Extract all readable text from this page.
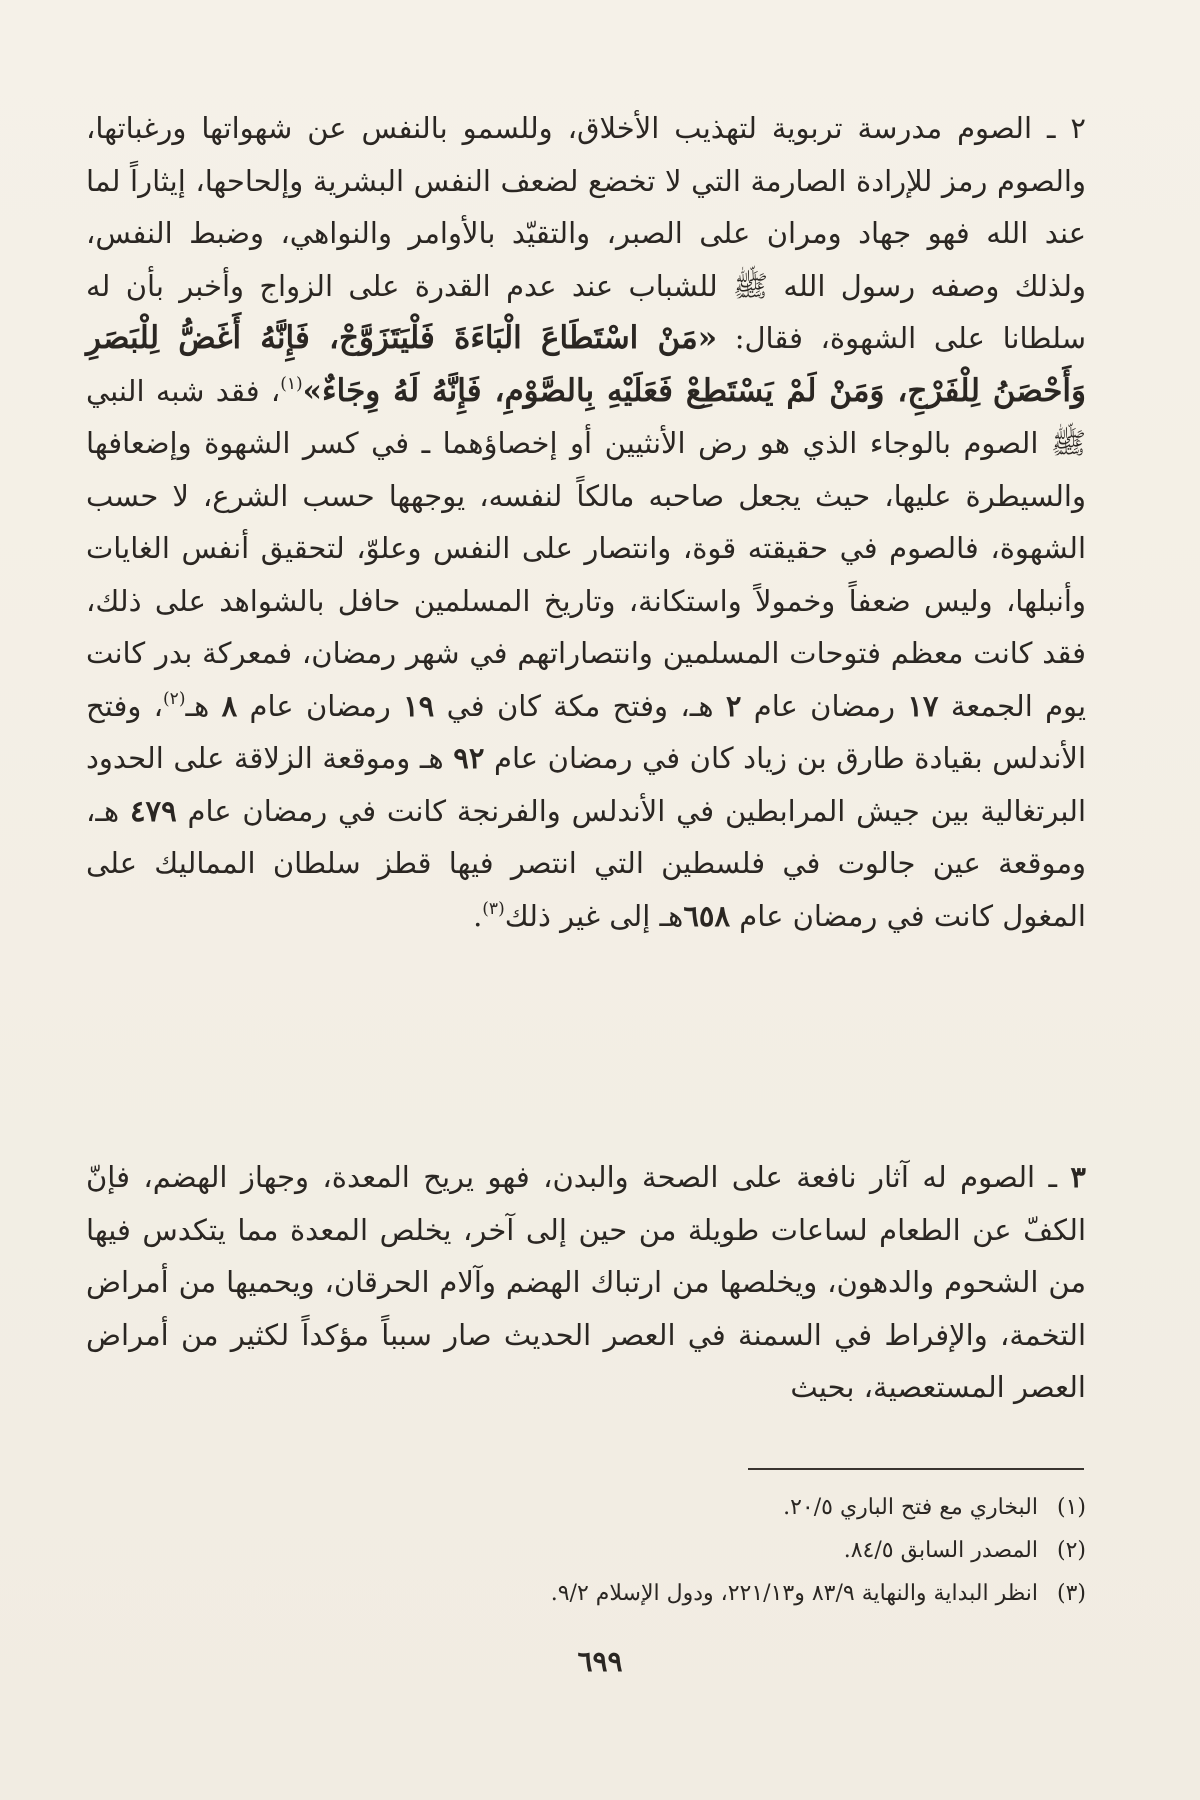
٢ ـ الصوم مدرسة تربوية لتهذيب الأخلاق، وللسمو بالنفس عن شهواتها ورغباتها، والصوم رمز للإرادة الصارمة التي لا تخضع لضعف النفس البشرية وإلحاحها، إيثاراً لما عند الله فهو جهاد ومران على الصبر، والتقيّد بالأوامر والنواهي، وضبط النفس، ولذلك وصفه رسول الله ﷺ للشباب عند عدم القدرة على الزواج وأخبر بأن له سلطانا على الشهوة، فقال: «مَنْ اسْتَطَاعَ الْبَاءَةَ فَلْيَتَزَوَّجْ، فَإِنَّهُ أَغَضُّ لِلْبَصَرِ وَأَحْصَنُ لِلْفَرْجِ، وَمَنْ لَمْ يَسْتَطِعْ فَعَلَيْهِ بِالصَّوْمِ، فَإِنَّهُ لَهُ وِجَاءٌ»$^{(١)}$، فقد شبه النبي ﷺ الصوم بالوجاء الذي هو رض الأنثيين أو إخصاؤهما ـ في كسر الشهوة وإضعافها والسيطرة عليها، حيث يجعل صاحبه مالكاً لنفسه، يوجهها حسب الشرع، لا حسب الشهوة، فالصوم في حقيقته قوة، وانتصار على النفس وعلوّ، لتحقيق أنفس الغايات وأنبلها، وليس ضعفاً وخمولاً واستكانة، وتاريخ المسلمين حافل بالشواهد على ذلك، فقد كانت معظم فتوحات المسلمين وانتصاراتهم في شهر رمضان، فمعركة بدر كانت يوم الجمعة ١٧ رمضان عام ٢ هـ، وفتح مكة كان في ١٩ رمضان عام ٨ هـ$^{(٢)}$، وفتح الأندلس بقيادة طارق بن زياد كان في رمضان عام ٩٢ هـ وموقعة الزلاقة على الحدود البرتغالية بين جيش المرابطين في الأندلس والفرنجة كانت في رمضان عام ٤٧٩ هـ، وموقعة عين جالوت في فلسطين التي انتصر فيها قطز سلطان المماليك على المغول كانت في رمضان عام ٦٥٨هـ إلى غير ذلك$^{(٣)}$.
٣ ـ الصوم له آثار نافعة على الصحة والبدن، فهو يريح المعدة، وجهاز الهضم، فإنّ الكفّ عن الطعام لساعات طويلة من حين إلى آخر، يخلص المعدة مما يتكدس فيها من الشحوم والدهون، ويخلصها من ارتباك الهضم وآلام الحرقان، ويحميها من أمراض التخمة، والإفراط في السمنة في العصر الحديث صار سبباً مؤكداً لكثير من أمراض العصر المستعصية، بحيث

(١)البخاري مع فتح الباري ٢٠/٥.

(٢)المصدر السابق ٨٤/٥.

(٣)انظر البداية والنهاية ٨٣/٩ و٢٢١/١٣، ودول الإسلام ٩/٢.

٦٩٩
